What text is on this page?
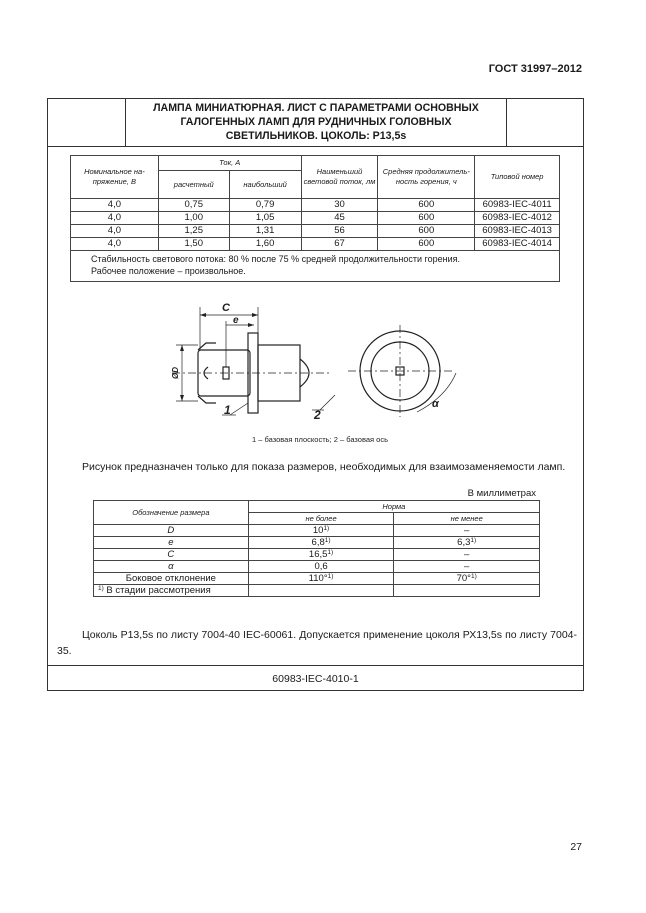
ГОСТ 31997–2012
ЛАМПА МИНИАТЮРНАЯ. ЛИСТ С ПАРАМЕТРАМИ ОСНОВНЫХ
ГАЛОГЕННЫХ ЛАМП ДЛЯ РУДНИЧНЫХ ГОЛОВНЫХ
СВЕТИЛЬНИКОВ. ЦОКОЛЬ: P13,5s
60983-IEC-4010-1
Номинальное на-пряжение, В	Ток, А		Наименьший световой поток, лм	Средняя продолжитель-ность горения, ч	Типовой номер
	расчетный	наибольший			
4,0	0,75	0,79	30	600	60983-IEC-4011
4,0	1,00	1,05	45	600	60983-IEC-4012
4,0	1,25	1,31	56	600	60983-IEC-4013
4,0	1,50	1,60	67	600	60983-IEC-4014

Стабильность светового потока: 80 % после 75 % средней продолжительности горения.
Рабочее положение – произвольное.					
C
e
ØD
1	2
α
1 – базовая плоскость; 2 – базовая ось
Рисунок предназначен только для показа размеров, необходимых для взаимозаменяемости ламп.
В миллиметрах
Обозначение размера	Норма	
	не более	не менее
D	10$^{1)}$	–
e	6,8$^{1)}$	6,3$^{1)}$
C	16,5$^{1)}$	–
α	0,6	–
Боковое отклонение	110°$^{1)}$	70°$^{1)}$
$^{1)}$ В стадии рассмотрения		
Цоколь Р13,5s по листу 7004-40 IEC-60061. Допускается применение цоколя РХ13,5s по листу 7004-35.
27
